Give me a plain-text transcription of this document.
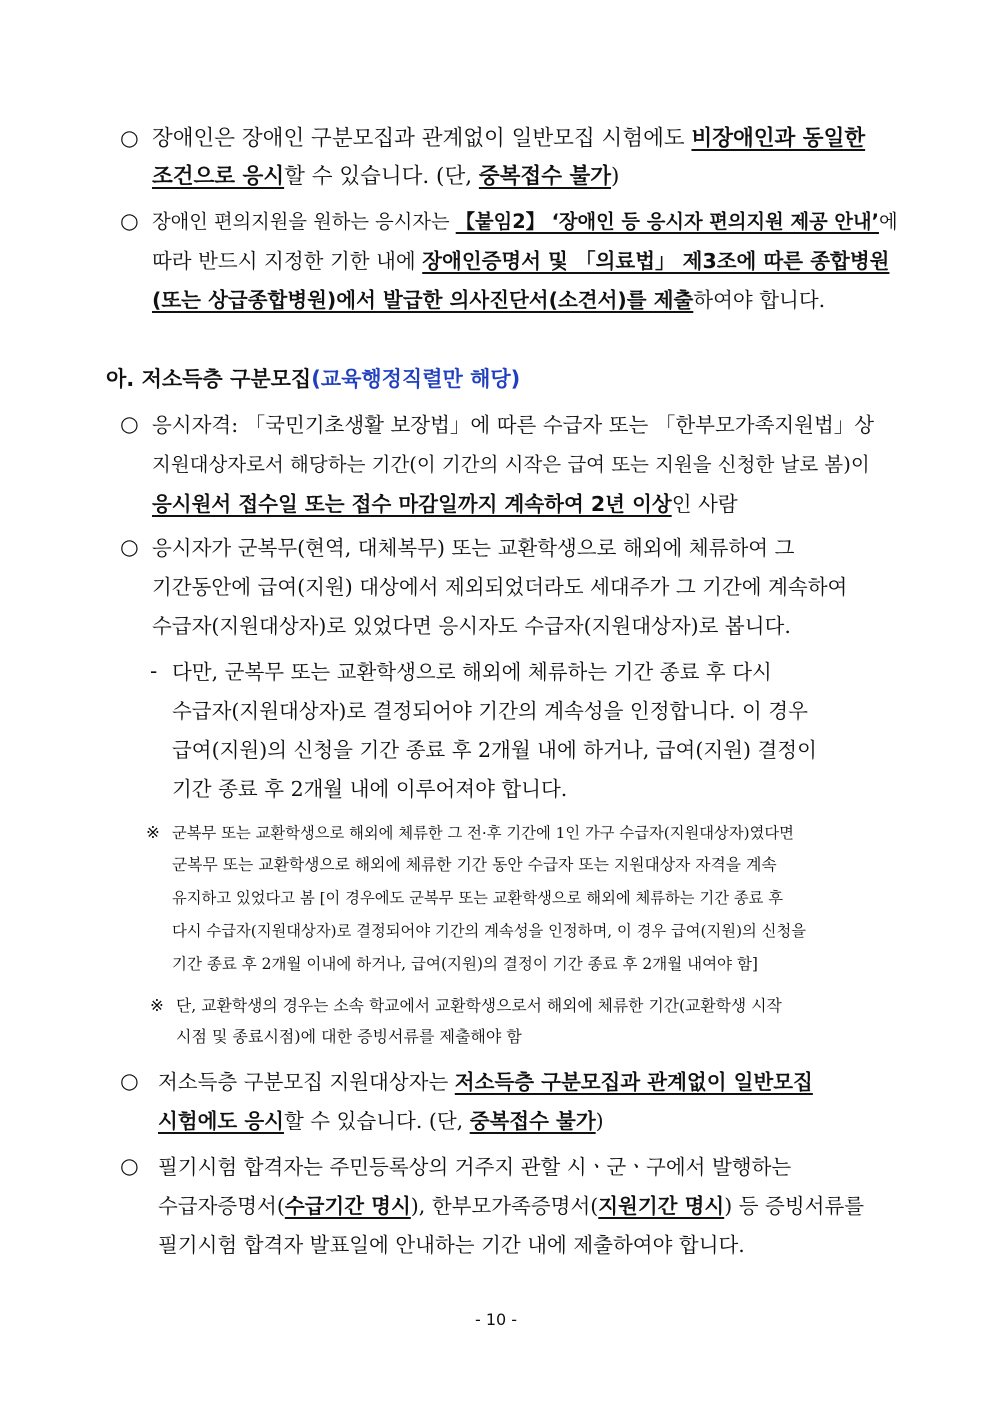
○ 장애인은 장애인 구분모집과 관계없이 일반모집 시험에도 비장애인과 동일한
조건으로 응시할 수 있습니다. (단, 중복접수 불가)
○ 장애인 편의지원을 원하는 응시자는 【붙임2】 ‘장애인 등 응시자 편의지원 제공 안내’에
따라 반드시 지정한 기한 내에 장애인증명서 및 「의료법」 제3조에 따른 종합병원
(또는 상급종합병원)에서 발급한 의사진단서(소견서)를 제출하여야 합니다.
아. 저소득층 구분모집(교육행정직렬만 해당)
○ 응시자격: 「국민기초생활 보장법」에 따른 수급자 또는 「한부모가족지원법」상
지원대상자로서 해당하는 기간(이 기간의 시작은 급여 또는 지원을 신청한 날로 봄)이
응시원서 접수일 또는 접수 마감일까지 계속하여 2년 이상인 사람
○ 응시자가 군복무(현역, 대체복무) 또는 교환학생으로 해외에 체류하여 그
기간동안에 급여(지원) 대상에서 제외되었더라도 세대주가 그 기간에 계속하여
수급자(지원대상자)로 있었다면 응시자도 수급자(지원대상자)로 봅니다.
- 다만, 군복무 또는 교환학생으로 해외에 체류하는 기간 종료 후 다시
수급자(지원대상자)로 결정되어야 기간의 계속성을 인정합니다. 이 경우
급여(지원)의 신청을 기간 종료 후 2개월 내에 하거나, 급여(지원) 결정이
기간 종료 후 2개월 내에 이루어져야 합니다.
※ 군복무 또는 교환학생으로 해외에 체류한 그 전·후 기간에 1인 가구 수급자(지원대상자)였다면
군복무 또는 교환학생으로 해외에 체류한 기간 동안 수급자 또는 지원대상자 자격을 계속
유지하고 있었다고 봄 [이 경우에도 군복무 또는 교환학생으로 해외에 체류하는 기간 종료 후
다시 수급자(지원대상자)로 결정되어야 기간의 계속성을 인정하며, 이 경우 급여(지원)의 신청을
기간 종료 후 2개월 이내에 하거나, 급여(지원)의 결정이 기간 종료 후 2개월 내여야 함]
※ 단, 교환학생의 경우는 소속 학교에서 교환학생으로서 해외에 체류한 기간(교환학생 시작
시점 및 종료시점)에 대한 증빙서류를 제출해야 함
○ 저소득층 구분모집 지원대상자는 저소득층 구분모집과 관계없이 일반모집
시험에도 응시할 수 있습니다. (단, 중복접수 불가)
○ 필기시험 합격자는 주민등록상의 거주지 관할 시ㆍ군ㆍ구에서 발행하는
수급자증명서(수급기간 명시), 한부모가족증명서(지원기간 명시) 등 증빙서류를
필기시험 합격자 발표일에 안내하는 기간 내에 제출하여야 합니다.
- 10 -
